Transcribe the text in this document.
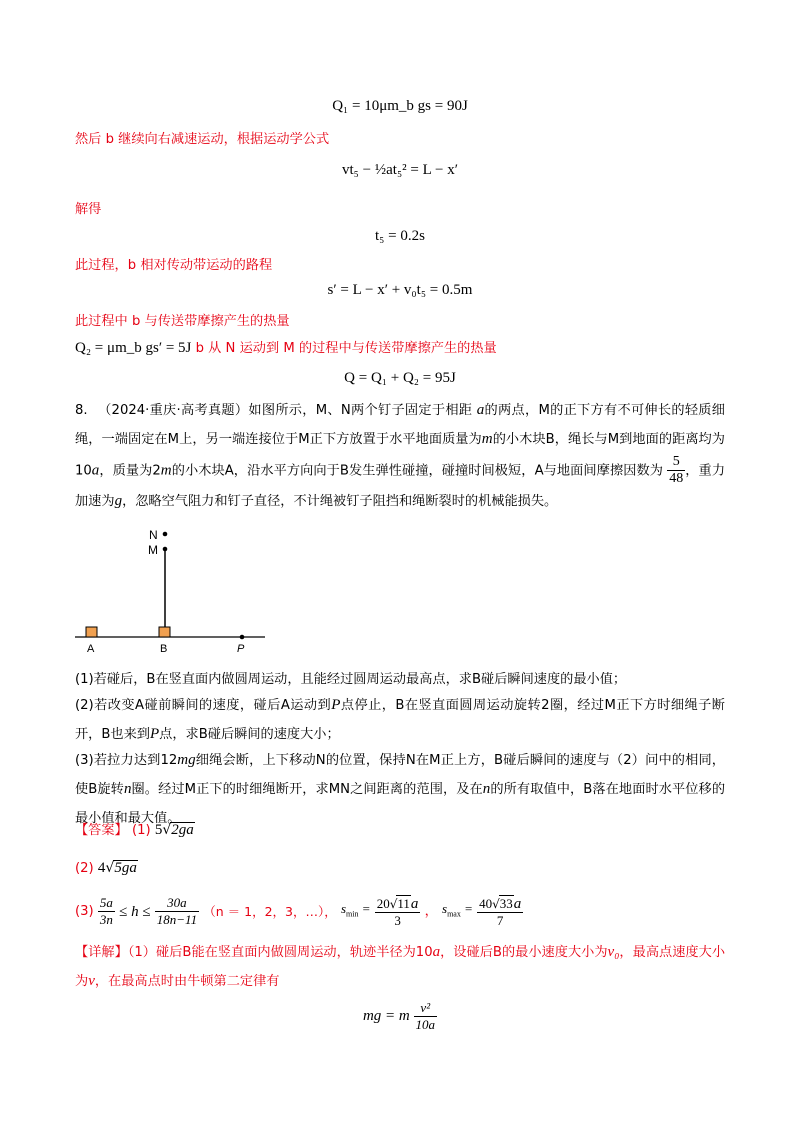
Q₁ = 10μm_b gs = 90J
然后 b 继续向右减速运动，根据运动学公式
vt₅ − ½at₅² = L − x′
解得
t₅ = 0.2s
此过程，b 相对传动带运动的路程
s′ = L − x′ + v₀t₅ = 0.5m
此过程中 b 与传送带摩擦产生的热量
Q₂ = μm_b gs′ = 5J b 从 N 运动到 M 的过程中与传送带摩擦产生的热量
Q = Q₁ + Q₂ = 95J
8. （2024·重庆·高考真题）如图所示，M、N两个钉子固定于相距 a的两点，M的正下方有不可伸长的轻质细绳，一端固定在M上，另一端连接位于M正下方放置于水平地面质量为m的小木块B，绳长与M到地面的距离均为10a，质量为2m的小木块A，沿水平方向向于B发生弹性碰撞，碰撞时间极短，A与地面间摩擦因数为 $\frac{5}{48}$ ，重力加速为g，忽略空气阻力和钉子直径，不计绳被钉子阻挡和绳断裂时的机械能损失。
N
M
A	B	P
(1)若碰后，B在竖直面内做圆周运动，且能经过圆周运动最高点，求B碰后瞬间速度的最小值；
(2)若改变A碰前瞬间的速度，碰后A运动到P点停止，B在竖直面圆周运动旋转2圈，经过M正下方时细绳子断开，B也来到P点，求B碰后瞬间的速度大小；
(3)若拉力达到12mg细绳会断，上下移动N的位置，保持N在M正上方，B碰后瞬间的速度与（2）问中的相同，使B旋转n圈。经过M正下的时细绳断开，求MN之间距离的范围，及在n的所有取值中，B落在地面时水平位移的最小值和最大值。
【答案】 (1) 5√2ga
(2) 4√5ga
$(3) \frac{5a}{3n} \le h \le \frac{30a}{18n-11} (n = 1$，2，3，…）， $s_{min} = \frac{20√11a}{3}$ ， $s_{max} = \frac{40√33a}{7}$
【详解】（1）碰后B能在竖直面内做圆周运动，轨迹半径为10a，设碰后B的最小速度大小为v₀，最高点速度大小为v，在最高点时由牛顿第二定律有
mg = m $\frac{\text{v²}}{10a}$
